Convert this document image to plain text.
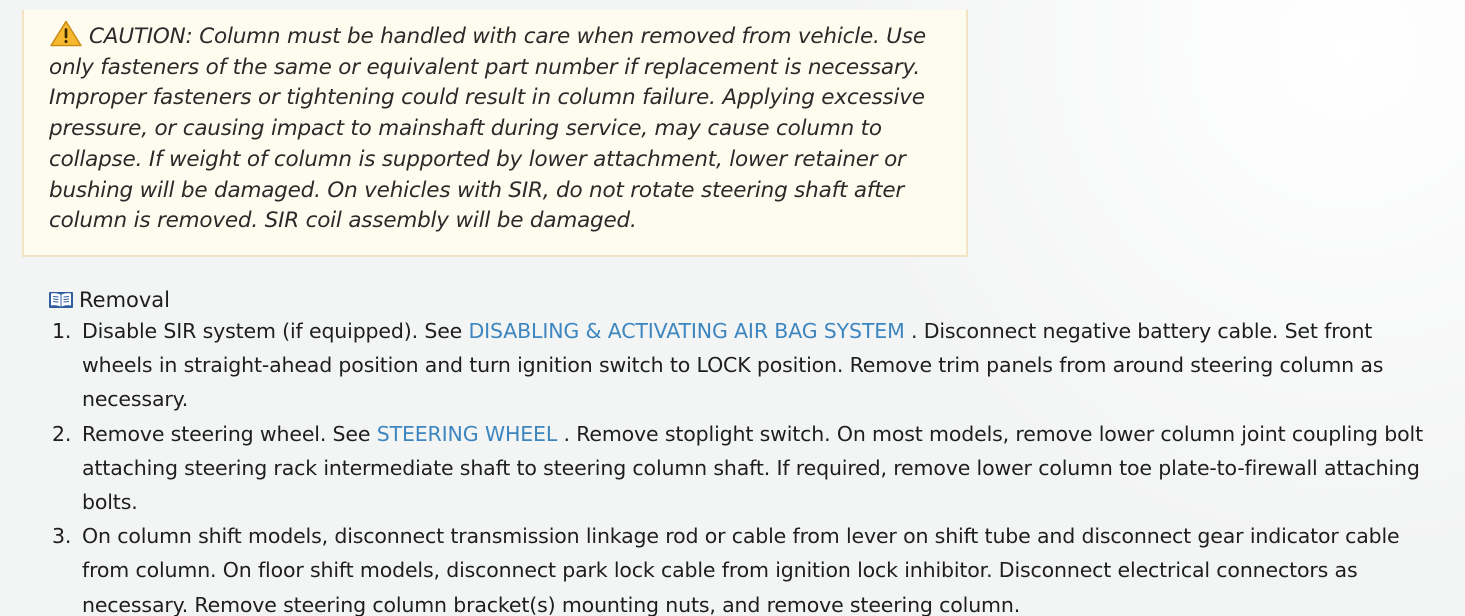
CAUTION: Column must be handled with care when removed from vehicle. Use only fasteners of the same or equivalent part number if replacement is necessary. Improper fasteners or tightening could result in column failure. Applying excessive pressure, or causing impact to mainshaft during service, may cause column to collapse. If weight of column is supported by lower attachment, lower retainer or bushing will be damaged. On vehicles with SIR, do not rotate steering shaft after column is removed. SIR coil assembly will be damaged.
Removal
1. Disable SIR system (if equipped). See DISABLING & ACTIVATING AIR BAG SYSTEM . Disconnect negative battery cable. Set front wheels in straight-ahead position and turn ignition switch to LOCK position. Remove trim panels from around steering column as necessary.
2. Remove steering wheel. See STEERING WHEEL . Remove stoplight switch. On most models, remove lower column joint coupling bolt attaching steering rack intermediate shaft to steering column shaft. If required, remove lower column toe plate-to-firewall attaching bolts.
3. On column shift models, disconnect transmission linkage rod or cable from lever on shift tube and disconnect gear indicator cable from column. On floor shift models, disconnect park lock cable from ignition lock inhibitor. Disconnect electrical connectors as necessary. Remove steering column bracket(s) mounting nuts, and remove steering column.
